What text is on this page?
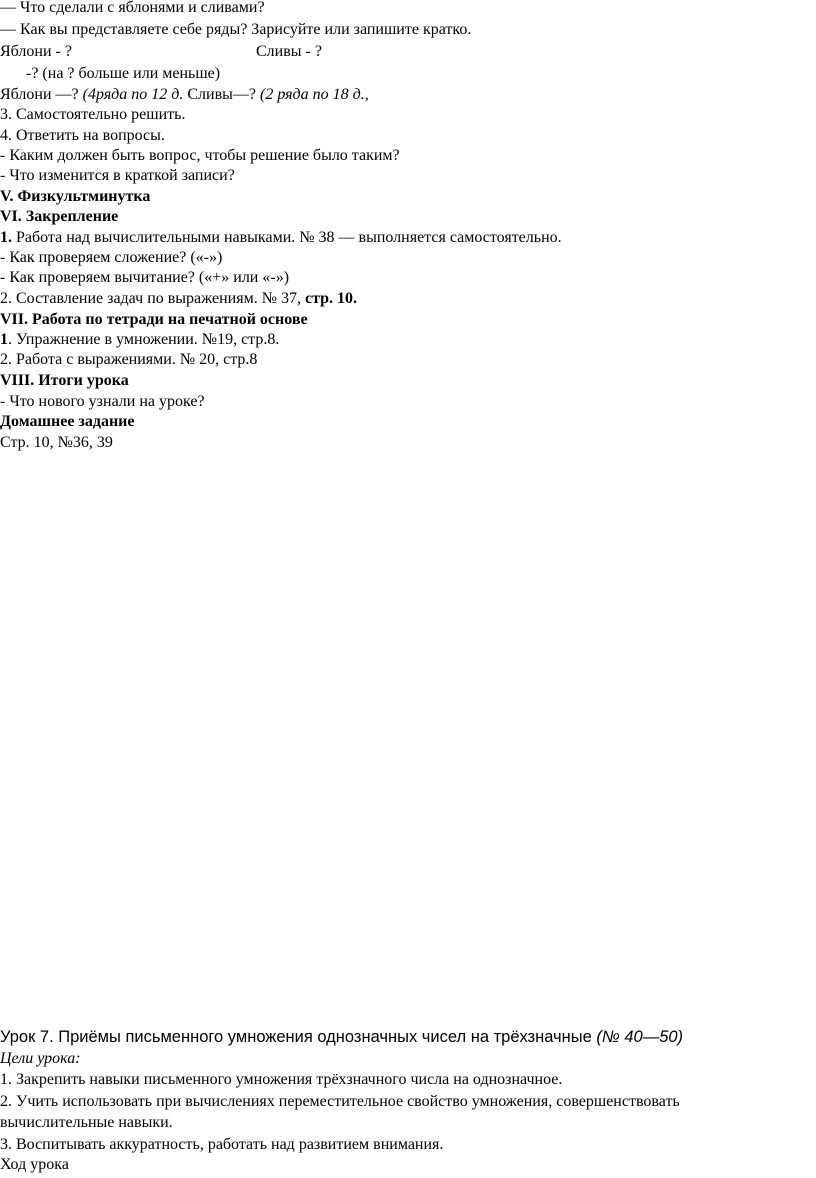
— Что сделали с яблонями и сливами?
— Как вы представляете себе ряды? Зарисуйте или запишите кратко.
Яблони - ?	Сливы - ?
-? (на ? больше или меньше)
Яблони —? (4ряда по 12 д. Сливы—? (2 ряда по 18 д.,
3. Самостоятельно решить.
4. Ответить на вопросы.
- Каким должен быть вопрос, чтобы решение было таким?
- Что изменится в краткой записи?
V. Физкультминутка
VI. Закрепление
1. Работа над вычислительными навыками. № 38 — выполняется самостоятельно.
- Как проверяем сложение? («-»)
- Как проверяем вычитание? («+» или «-»)
2. Составление задач по выражениям. № 37, стр. 10.
VII. Работа по тетради на печатной основе
1. Упражнение в умножении. №19, стр.8.
2. Работа с выражениями. № 20, стр.8
VIII. Итоги урока
- Что нового узнали на уроке?
Домашнее задание
Стр. 10, №36, 39
Урок 7. Приёмы письменного умножения однозначных чисел на трёхзначные (№ 40—50)
Цели урока:
1. Закрепить навыки письменного умножения трёхзначного числа на однозначное.
2. Учить использовать при вычислениях переместительное свойство умножения, совершенствовать
вычислительные навыки.
3. Воспитывать аккуратность, работать над развитием внимания.
Ход урока
